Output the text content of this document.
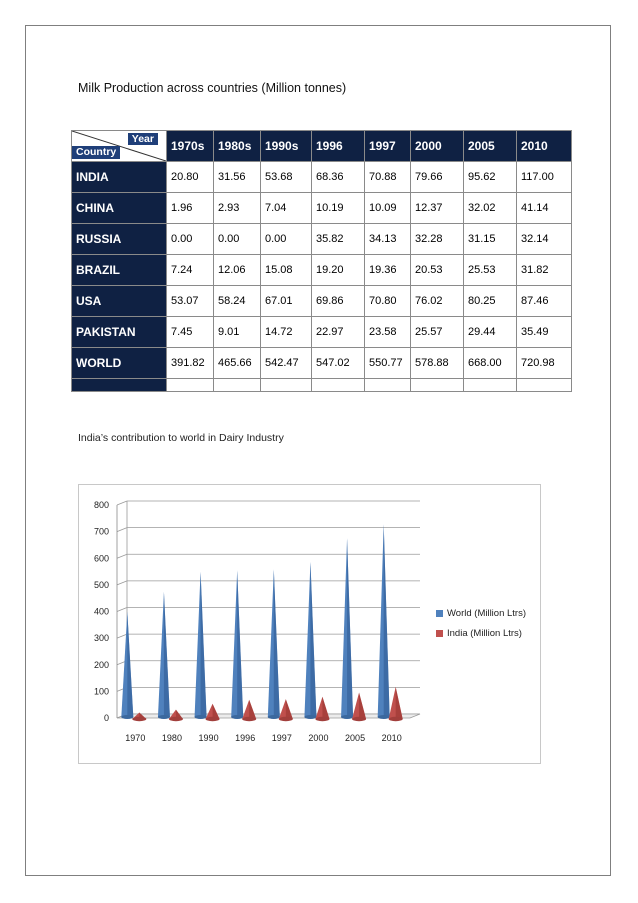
Milk Production across countries (Million tonnes)
Year
Country	1970s	1980s	1990s	1996	1997	2000	2005	2010
INDIA	20.80	31.56	53.68	68.36	70.88	79.66	95.62	117.00
CHINA	1.96	2.93	7.04	10.19	10.09	12.37	32.02	41.14
RUSSIA	0.00	0.00	0.00	35.82	34.13	32.28	31.15	32.14
BRAZIL	7.24	12.06	15.08	19.20	19.36	20.53	25.53	31.82
USA	53.07	58.24	67.01	69.86	70.80	76.02	80.25	87.46
PAKISTAN	7.45	9.01	14.72	22.97	23.58	25.57	29.44	35.49
WORLD	391.82	465.66	542.47	547.02	550.77	578.88	668.00	720.98

India’s contribution to world in Dairy Industry
0
100
200
300
400
500
600
700
800
1970 1980 1990 1996 1997 2000 2005 2010
World (Million Ltrs)
India (Million Ltrs)
